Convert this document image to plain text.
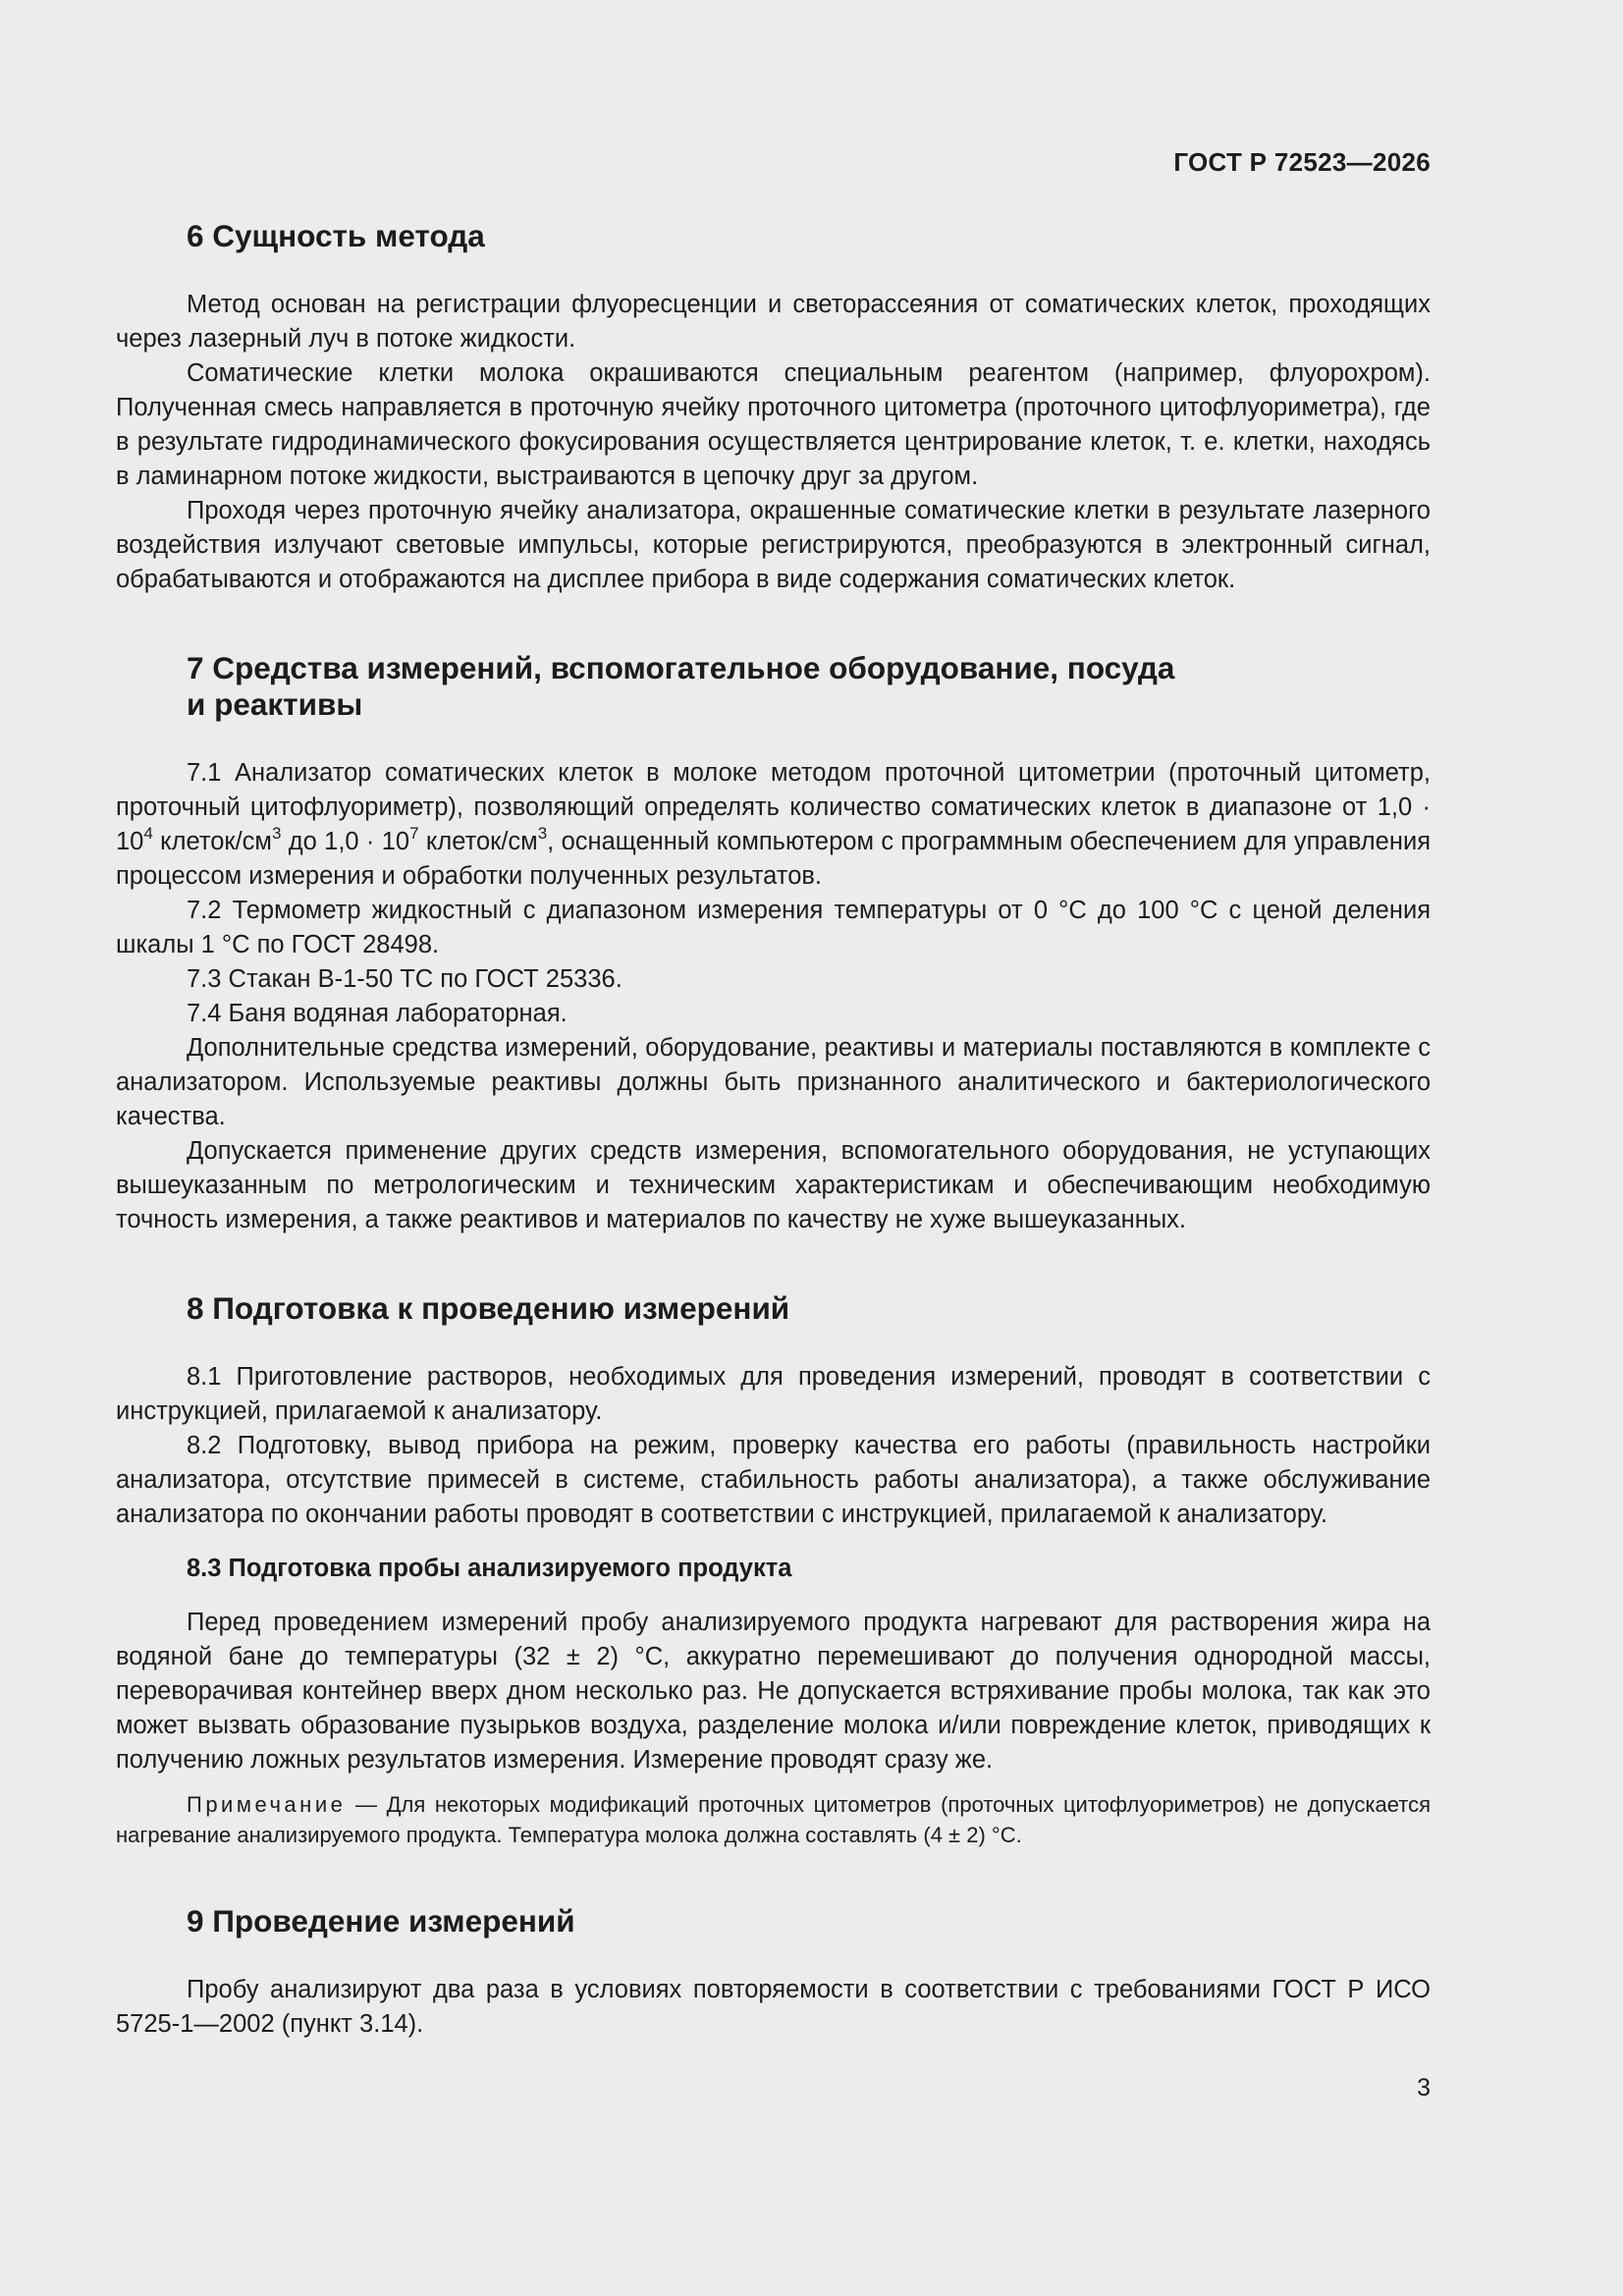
ГОСТ Р 72523—2026
6 Сущность метода

Метод основан на регистрации флуоресценции и светорассеяния от соматических клеток, проходящих через лазерный луч в потоке жидкости.

Соматические клетки молока окрашиваются специальным реагентом (например, флуорохром). Полученная смесь направляется в проточную ячейку проточного цитометра (проточного цитофлуориметра), где в результате гидродинамического фокусирования осуществляется центрирование клеток, т. е. клетки, находясь в ламинарном потоке жидкости, выстраиваются в цепочку друг за другом.

Проходя через проточную ячейку анализатора, окрашенные соматические клетки в результате лазерного воздействия излучают световые импульсы, которые регистрируются, преобразуются в электронный сигнал, обрабатываются и отображаются на дисплее прибора в виде содержания соматических клеток.

7 Средства измерений, вспомогательное оборудование, посуда
и реактивы

7.1 Анализатор соматических клеток в молоке методом проточной цитометрии (проточный цитометр, проточный цитофлуориметр), позволяющий определять количество соматических клеток в диапазоне от $1,0 \cdot 10^4$ клеток/$см^3$ до $1,0 \cdot 10^7$ клеток/$см^3$, оснащенный компьютером с программным обеспечением для управления процессом измерения и обработки полученных результатов.

7.2 Термометр жидкостный с диапазоном измерения температуры от 0 °С до 100 °С с ценой деления шкалы 1 °С по ГОСТ 28498.

7.3 Стакан В-1-50 ТС по ГОСТ 25336.

7.4 Баня водяная лабораторная.

Дополнительные средства измерений, оборудование, реактивы и материалы поставляются в комплекте с анализатором. Используемые реактивы должны быть признанного аналитического и бактериологического качества.

Допускается применение других средств измерения, вспомогательного оборудования, не уступающих вышеуказанным по метрологическим и техническим характеристикам и обеспечивающим необходимую точность измерения, а также реактивов и материалов по качеству не хуже вышеуказанных.

8 Подготовка к проведению измерений

8.1 Приготовление растворов, необходимых для проведения измерений, проводят в соответствии с инструкцией, прилагаемой к анализатору.

8.2 Подготовку, вывод прибора на режим, проверку качества его работы (правильность настройки анализатора, отсутствие примесей в системе, стабильность работы анализатора), а также обслуживание анализатора по окончании работы проводят в соответствии с инструкцией, прилагаемой к анализатору.

8.3 Подготовка пробы анализируемого продукта

Перед проведением измерений пробу анализируемого продукта нагревают для растворения жира на водяной бане до температуры (32 ± 2) °С, аккуратно перемешивают до получения однородной массы, переворачивая контейнер вверх дном несколько раз. Не допускается встряхивание пробы молока, так как это может вызвать образование пузырьков воздуха, разделение молока и/или повреждение клеток, приводящих к получению ложных результатов измерения. Измерение проводят сразу же.

Примечание — Для некоторых модификаций проточных цитометров (проточных цитофлуориметров) не допускается нагревание анализируемого продукта. Температура молока должна составлять (4 ± 2) °С.

9 Проведение измерений

Пробу анализируют два раза в условиях повторяемости в соответствии с требованиями ГОСТ Р ИСО 5725-1—2002 (пункт 3.14).

3
